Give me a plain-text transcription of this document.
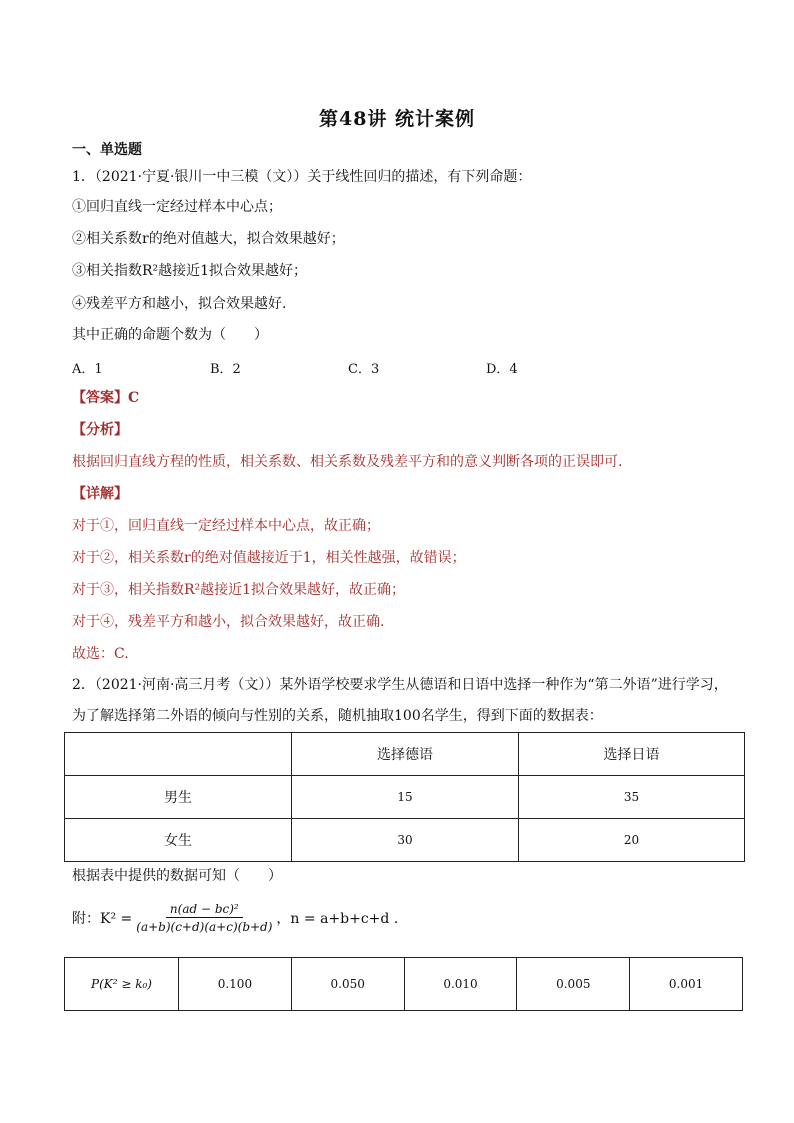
第48讲 统计案例
一、单选题
1．（2021·宁夏·银川一中三模（文））关于线性回归的描述，有下列命题：
①回归直线一定经过样本中心点；
②相关系数r的绝对值越大，拟合效果越好；
③相关指数R²越接近1拟合效果越好；
④残差平方和越小，拟合效果越好.
其中正确的命题个数为（　　）
A．1	B．2	C．3	D．4
【答案】C
【分析】
根据回归直线方程的性质，相关系数、相关系数及残差平方和的意义判断各项的正误即可.
【详解】
对于①，回归直线一定经过样本中心点，故正确；
对于②，相关系数r的绝对值越接近于1，相关性越强，故错误；
对于③，相关指数R²越接近1拟合效果越好，故正确；
对于④，残差平方和越小，拟合效果越好，故正确.
故选：C.
2．（2021·河南·高三月考（文））某外语学校要求学生从德语和日语中选择一种作为“第二外语”进行学习，
为了解选择第二外语的倾向与性别的关系，随机抽取100名学生，得到下面的数据表：
	选择德语	选择日语
男生	15	35
女生	30	20
根据表中提供的数据可知（　　）
附：$K^2 = \frac{\text{n(ad − bc)²}}{(a+b)(c+d)(a+c)(b+d)}$ ，n = a+b+c+d .
P(K² ≥ k₀)	0.100	0.050	0.010	0.005	0.001
